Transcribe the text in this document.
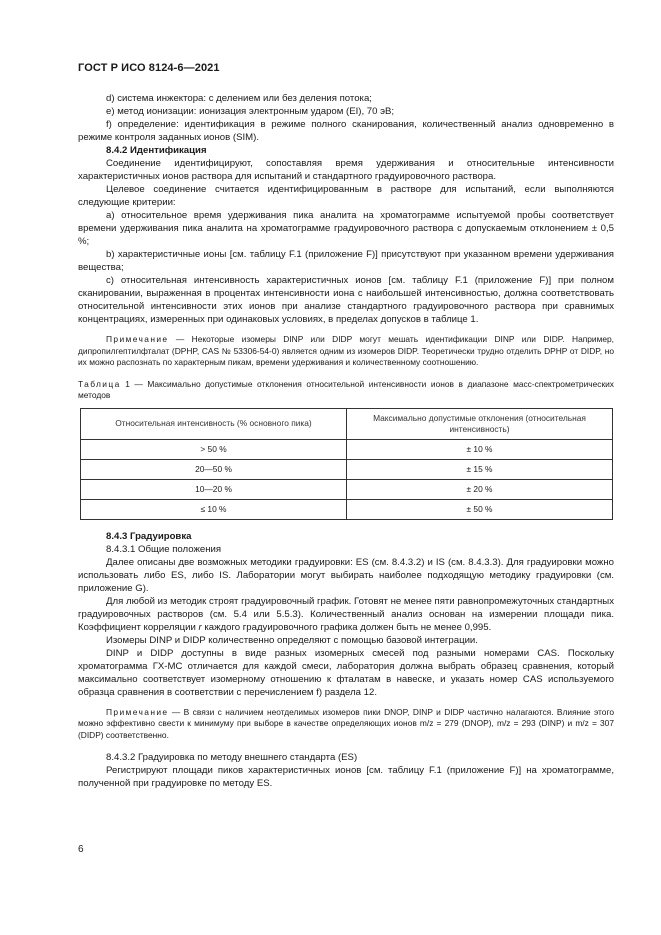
ГОСТ Р ИСО 8124-6—2021

d) система инжектора: с делением или без деления потока;

е) метод ионизации: ионизация электронным ударом (EI), 70 эВ;

f) определение: идентификация в режиме полного сканирования, количественный анализ одновременно в режиме контроля заданных ионов (SIM).

8.4.2 Идентификация

Соединение идентифицируют, сопоставляя время удерживания и относительные интенсивности характеристичных ионов раствора для испытаний и стандартного градуировочного раствора.

Целевое соединение считается идентифицированным в растворе для испытаний, если выполняются следующие критерии:

а) относительное время удерживания пика аналита на хроматограмме испытуемой пробы соответствует времени удерживания пика аналита на хроматограмме градуировочного раствора с допускаемым отклонением ± 0,5 %;

b) характеристичные ионы [см. таблицу F.1 (приложение F)] присутствуют при указанном времени удерживания вещества;

с) относительная интенсивность характеристичных ионов [см. таблицу F.1 (приложение F)] при полном сканировании, выраженная в процентах интенсивности иона с наибольшей интенсивностью, должна соответствовать относительной интенсивности этих ионов при анализе стандартного градуировочного раствора при сравнимых концентрациях, измеренных при одинаковых условиях, в пределах допусков в таблице 1.

Примечание — Некоторые изомеры DINP или DIDP могут мешать идентификации DINP или DIDP. Например, дипропилгептилфталат (DPHP, CAS № 53306-54-0) является одним из изомеров DIDP. Теоретически трудно отделить DPHP от DIDP, но их можно распознать по характерным пикам, времени удерживания и количественному соотношению.

Таблица 1 — Максимально допустимые отклонения относительной интенсивности ионов в диапазоне масс-спектрометрических методов

Относительная интенсивность (% основного пика)	Максимально допустимые отклонения (относительная интенсивность)
> 50 %	± 10 %
20—50 %	± 15 %
10—20 %	± 20 %
≤ 10 %	± 50 %

8.4.3 Градуировка

8.4.3.1 Общие положения

Далее описаны две возможных методики градуировки: ES (см. 8.4.3.2) и IS (см. 8.4.3.3). Для градуировки можно использовать либо ES, либо IS. Лаборатории могут выбирать наиболее подходящую методику градуировки (см. приложение G).

Для любой из методик строят градуировочный график. Готовят не менее пяти равнопромежуточных стандартных градуировочных растворов (см. 5.4 или 5.5.3). Количественный анализ основан на измерении площади пика. Коэффициент корреляции r каждого градуировочного графика должен быть не менее 0,995.

Изомеры DINP и DIDP количественно определяют с помощью базовой интеграции.

DINP и DIDP доступны в виде разных изомерных смесей под разными номерами CAS. Поскольку хроматограмма ГХ-МС отличается для каждой смеси, лаборатория должна выбрать образец сравнения, который максимально соответствует изомерному отношению к фталатам в навеске, и указать номер CAS используемого образца сравнения в соответствии с перечислением f) раздела 12.

Примечание — В связи с наличием неотделимых изомеров пики DNOP, DINP и DIDP частично налагаются. Влияние этого можно эффективно свести к минимуму при выборе в качестве определяющих ионов m/z = 279 (DNOP), m/z = 293 (DINP) и m/z = 307 (DIDP) соответственно.

8.4.3.2 Градуировка по методу внешнего стандарта (ES)

Регистрируют площади пиков характеристичных ионов [см. таблицу F.1 (приложение F)] на хроматограмме, полученной при градуировке по методу ES.

6
